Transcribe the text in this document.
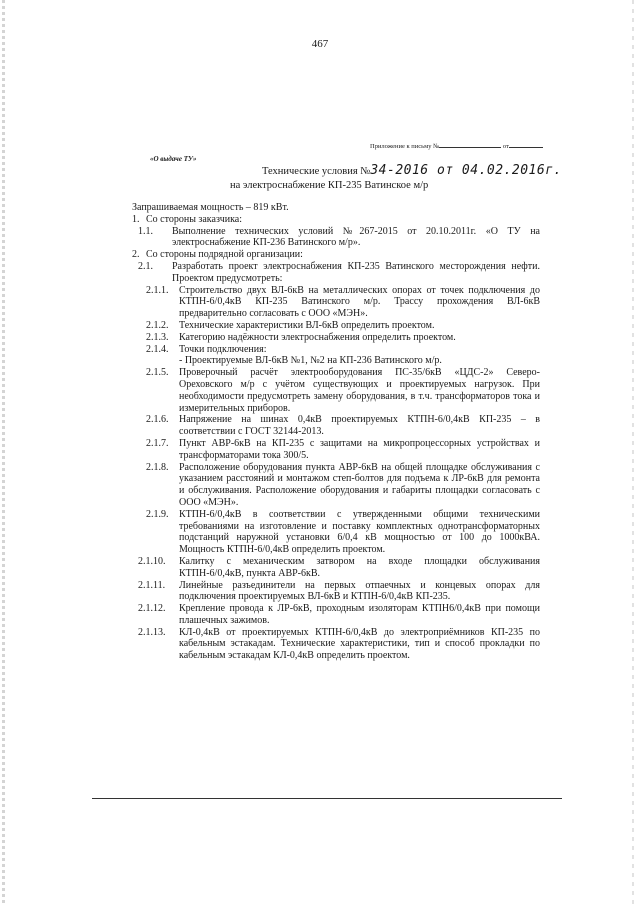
467
Приложение к письму №	от
«О выдаче ТУ»
Технические условия №34-2016 от 04.02.2016г.
на электроснабжение КП-235 Ватинское м/р

Запрашиваемая мощность – 819 кВт.

1. Со стороны заказчика:
1.1.	Выполнение технических условий №267-2015 от 20.10.2011г. «О ТУ на электроснабжение КП-236 Ватинского м/р».
2. Со стороны подрядной организации:
2.1.	Разработать проект электроснабжения КП-235 Ватинского месторождения нефти. Проектом предусмотреть:
2.1.1.	Строительство двух ВЛ-6кВ на металлических опорах от точек подключения до КТПН-6/0,4кВ КП-235 Ватинского м/р. Трассу прохождения ВЛ-6кВ предварительно согласовать с ООО «МЭН».
2.1.2.	Технические характеристики ВЛ-6кВ определить проектом.
2.1.3.	Категорию надёжности электроснабжения определить проектом.
2.1.4.	Точки подключения:
- Проектируемые ВЛ-6кВ №1, №2 на КП-236 Ватинского м/р.
2.1.5.	Проверочный расчёт электрооборудования ПС-35/6кВ «ЦДС-2» Северо-Ореховского м/р с учётом существующих и проектируемых нагрузок. При необходимости предусмотреть замену оборудования, в т.ч. трансформаторов тока и измерительных приборов.
2.1.6.	Напряжение на шинах 0,4кВ проектируемых КТПН-6/0,4кВ КП-235 – в соответствии с ГОСТ 32144-2013.
2.1.7.	Пункт АВР-6кВ на КП-235 с защитами на микропроцессорных устройствах и трансформаторами тока 300/5.
2.1.8.	Расположение оборудования пункта АВР-6кВ на общей площадке обслуживания с указанием расстояний и монтажом степ-болтов для подъема к ЛР-6кВ для ремонта и обслуживания. Расположение оборудования и габариты площадки согласовать с ООО «МЭН».
2.1.9.	КТПН-6/0,4кВ в соответствии с утвержденными общими техническими требованиями на изготовление и поставку комплектных однотрансформаторных подстанций наружной установки 6/0,4 кВ мощностью от 100 до 1000кВА. Мощность КТПН-6/0,4кВ определить проектом.
2.1.10.	Калитку с механическим затвором на входе площадки обслуживания КТПН-6/0,4кВ, пункта АВР-6кВ.
2.1.11.	Линейные разъединители на первых отпаечных и концевых опорах для подключения проектируемых ВЛ-6кВ и КТПН-6/0,4кВ КП-235.
2.1.12.	Крепление провода к ЛР-6кВ, проходным изоляторам КТПН6/0,4кВ при помощи плашечных зажимов.
2.1.13.	КЛ-0,4кВ от проектируемых КТПН-6/0,4кВ до электроприёмников КП-235 по кабельным эстакадам. Технические характеристики, тип и способ прокладки по кабельным эстакадам КЛ-0,4кВ определить проектом.
